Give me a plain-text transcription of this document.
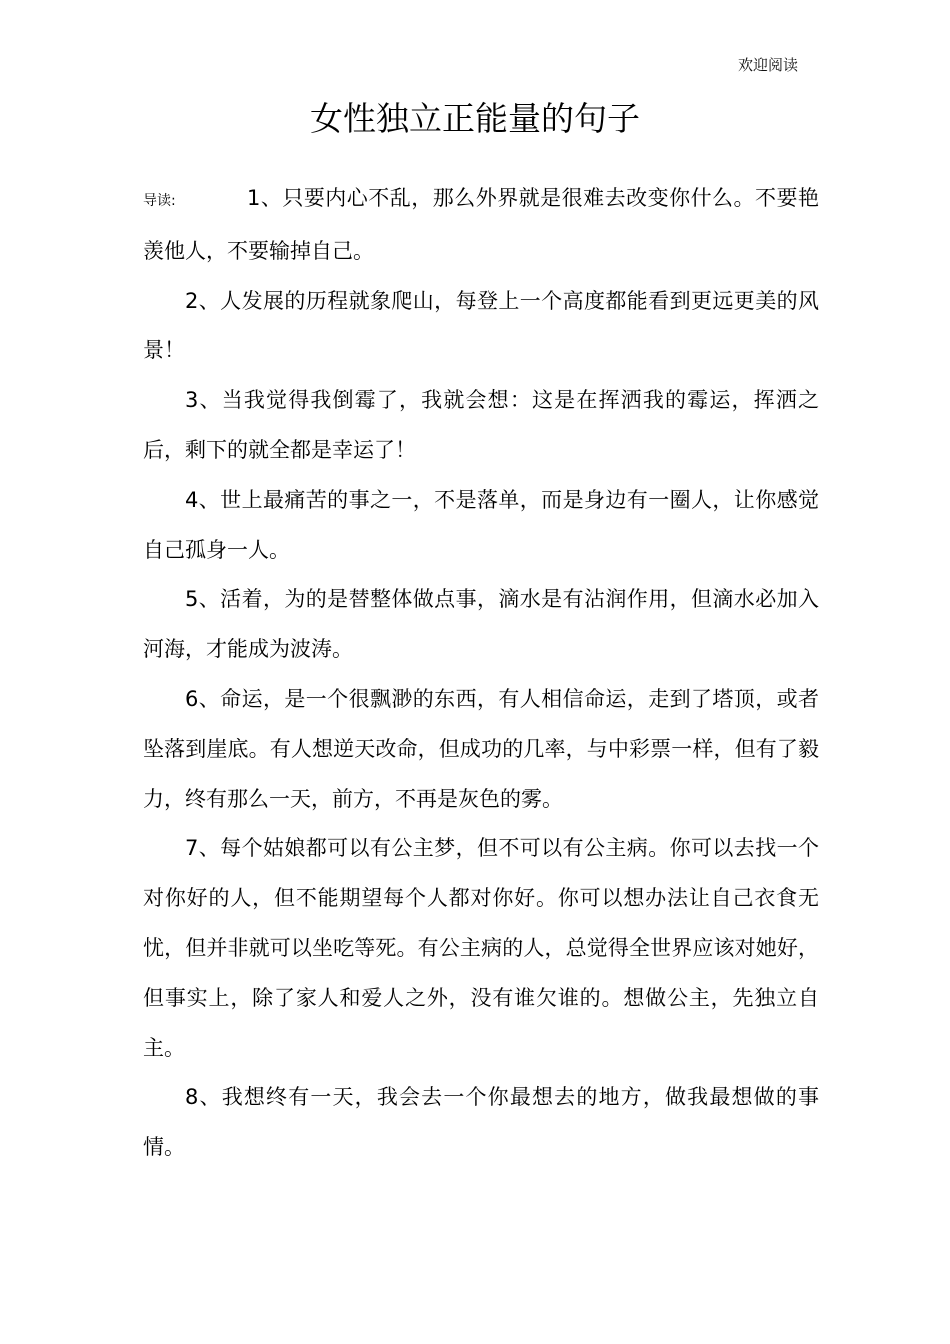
欢迎阅读
女性独立正能量的句子

导读:	1、只要内心不乱，那么外界就是很难去改变你什么。不要艳羡他人，不要输掉自己。

2、人发展的历程就象爬山，每登上一个高度都能看到更远更美的风景！

3、当我觉得我倒霉了，我就会想：这是在挥洒我的霉运，挥洒之后，剩下的就全都是幸运了！

4、世上最痛苦的事之一，不是落单，而是身边有一圈人，让你感觉自己孤身一人。

5、活着，为的是替整体做点事，滴水是有沾润作用，但滴水必加入河海，才能成为波涛。

6、命运，是一个很飘渺的东西，有人相信命运，走到了塔顶，或者坠落到崖底。有人想逆天改命，但成功的几率，与中彩票一样，但有了毅力，终有那么一天，前方，不再是灰色的雾。

7、每个姑娘都可以有公主梦，但不可以有公主病。你可以去找一个对你好的人，但不能期望每个人都对你好。你可以想办法让自己衣食无忧，但并非就可以坐吃等死。有公主病的人，总觉得全世界应该对她好，但事实上，除了家人和爱人之外，没有谁欠谁的。想做公主，先独立自主。

8、我想终有一天，我会去一个你最想去的地方，做我最想做的事情。
